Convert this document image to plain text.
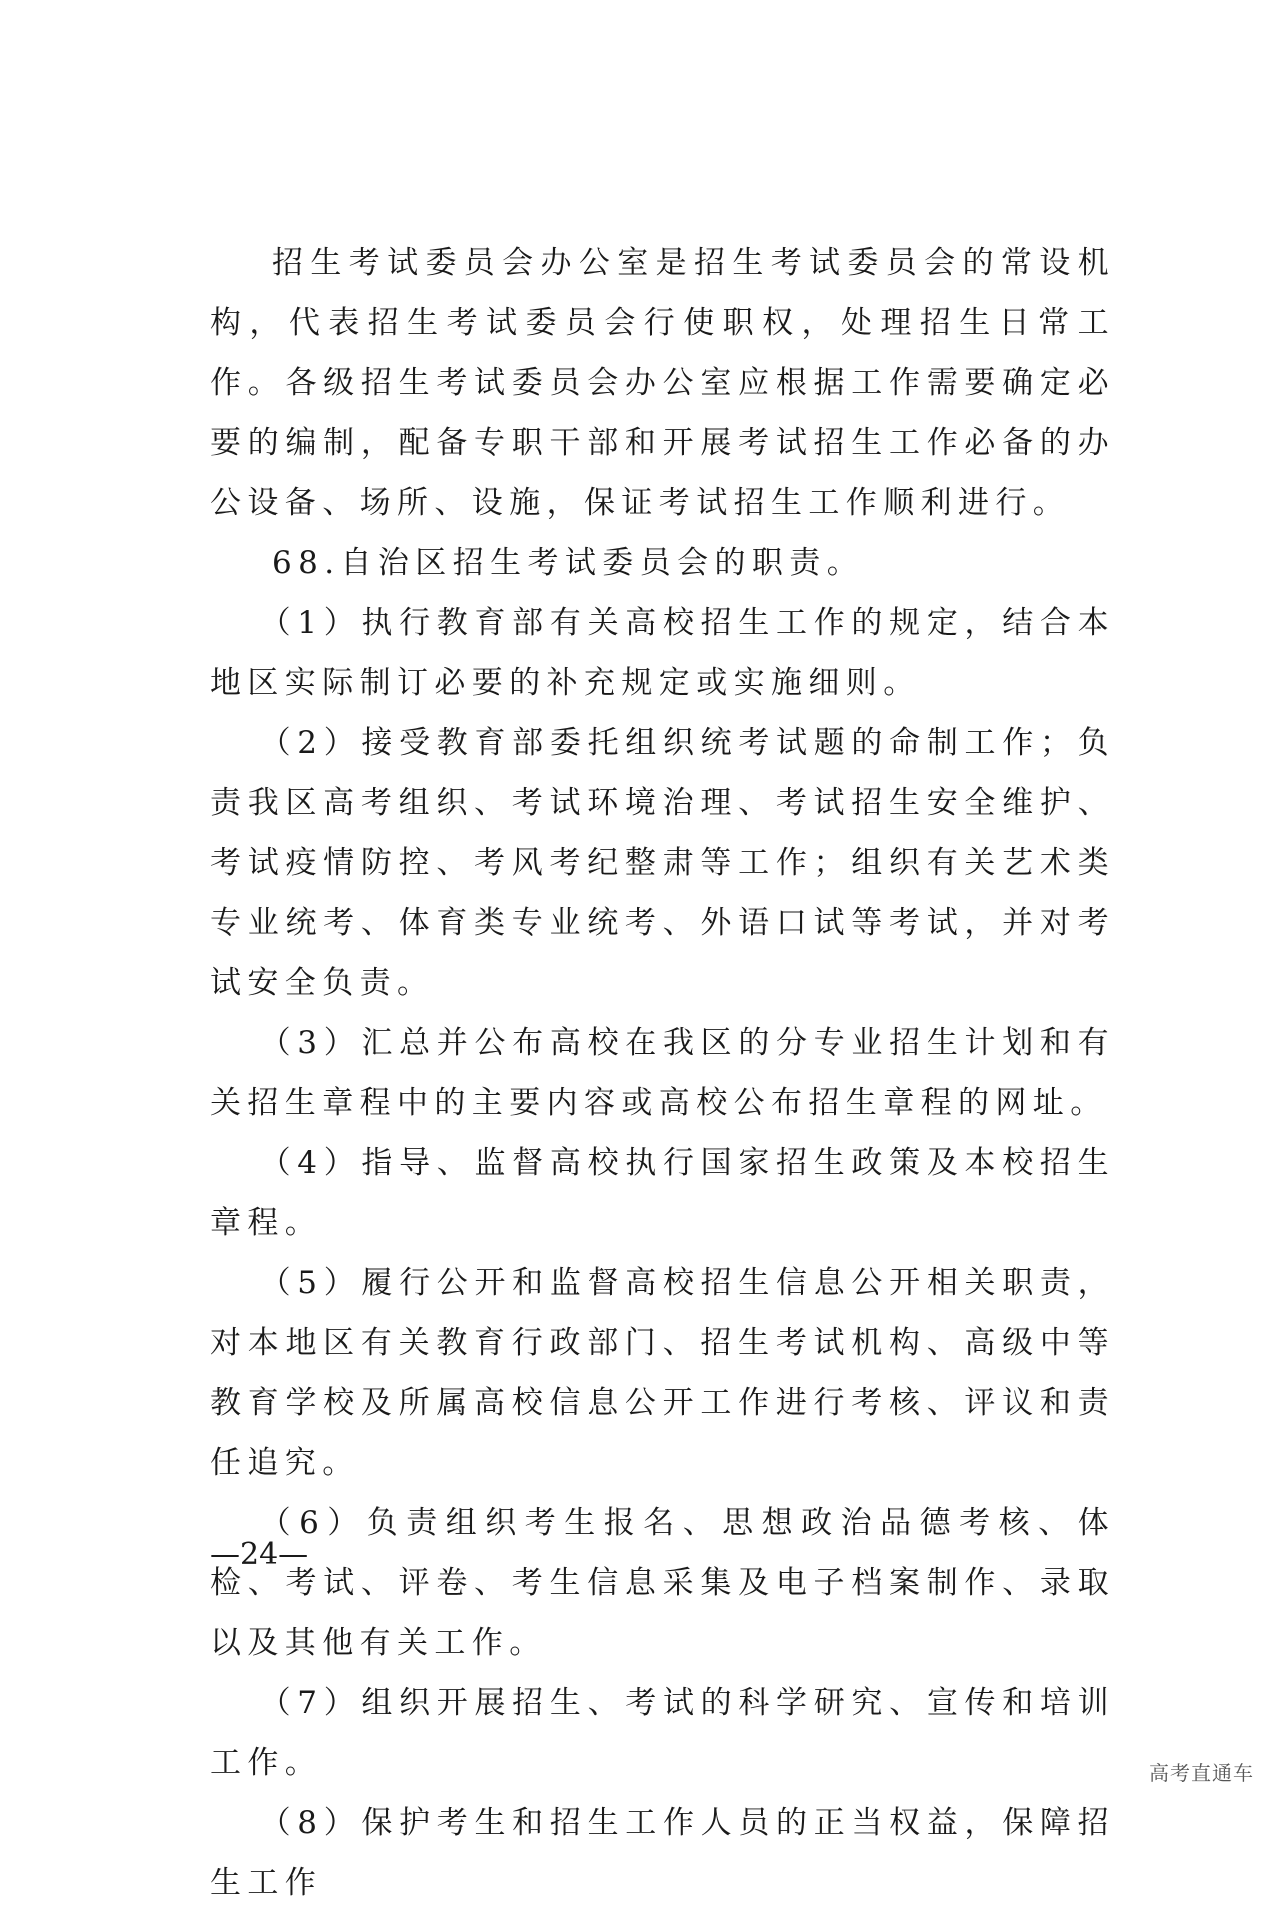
招生考试委员会办公室是招生考试委员会的常设机构，代表招生考试委员会行使职权，处理招生日常工作。各级招生考试委员会办公室应根据工作需要确定必要的编制，配备专职干部和开展考试招生工作必备的办公设备、场所、设施，保证考试招生工作顺利进行。

68.自治区招生考试委员会的职责。

（1）执行教育部有关高校招生工作的规定，结合本地区实际制订必要的补充规定或实施细则。

（2）接受教育部委托组织统考试题的命制工作；负责我区高考组织、考试环境治理、考试招生安全维护、考试疫情防控、考风考纪整肃等工作；组织有关艺术类专业统考、体育类专业统考、外语口试等考试，并对考试安全负责。

（3）汇总并公布高校在我区的分专业招生计划和有关招生章程中的主要内容或高校公布招生章程的网址。

（4）指导、监督高校执行国家招生政策及本校招生章程。

（5）履行公开和监督高校招生信息公开相关职责，对本地区有关教育行政部门、招生考试机构、高级中等教育学校及所属高校信息公开工作进行考核、评议和责任追究。

（6）负责组织考生报名、思想政治品德考核、体检、考试、评卷、考生信息采集及电子档案制作、录取以及其他有关工作。

（7）组织开展招生、考试的科学研究、宣传和培训工作。

（8）保护考生和招生工作人员的正当权益，保障招生工作

—24—
高考直通车
